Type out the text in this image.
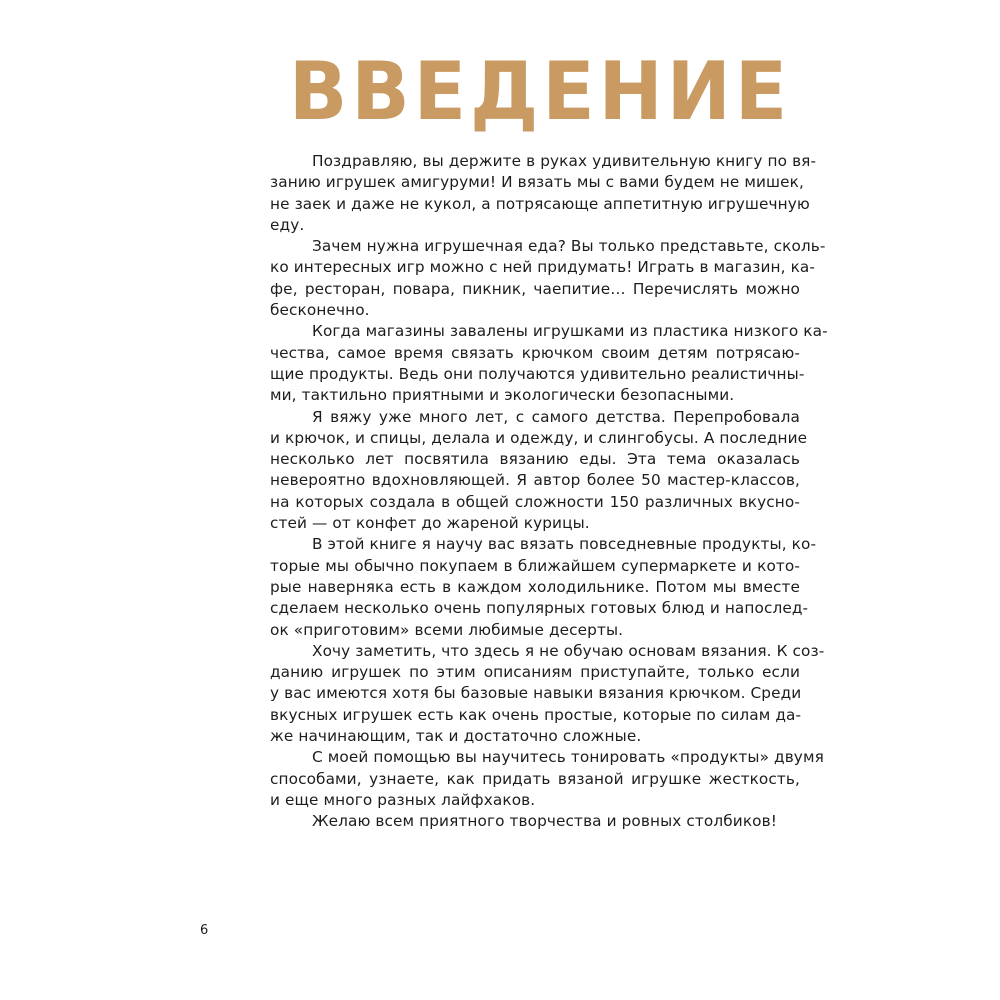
ВВЕДЕНИЕ
Поздравляю, вы держите в руках удивительную книгу по вя-
занию игрушек амигуруми! И вязать мы с вами будем не мишек,
не заек и даже не кукол, а потрясающе аппетитную игрушечную
еду.
Зачем нужна игрушечная еда? Вы только представьте, сколь-
ко интересных игр можно с ней придумать! Играть в магазин, ка-
фе, ресторан, повара, пикник, чаепитие… Перечислять можно
бесконечно.
Когда магазины завалены игрушками из пластика низкого ка-
чества, самое время связать крючком своим детям потрясаю-
щие продукты. Ведь они получаются удивительно реалистичны-
ми, тактильно приятными и экологически безопасными.
Я вяжу уже много лет, с самого детства. Перепробовала
и крючок, и спицы, делала и одежду, и слингобусы. А последние
несколько лет посвятила вязанию еды. Эта тема оказалась
невероятно вдохновляющей. Я автор более 50 мастер-классов,
на которых создала в общей сложности 150 различных вкусно-
стей — от конфет до жареной курицы.
В этой книге я научу вас вязать повседневные продукты, ко-
торые мы обычно покупаем в ближайшем супермаркете и кото-
рые наверняка есть в каждом холодильнике. Потом мы вместе
сделаем несколько очень популярных готовых блюд и напослед-
ок «приготовим» всеми любимые десерты.
Хочу заметить, что здесь я не обучаю основам вязания. К соз-
данию игрушек по этим описаниям приступайте, только если
у вас имеются хотя бы базовые навыки вязания крючком. Среди
вкусных игрушек есть как очень простые, которые по силам да-
же начинающим, так и достаточно сложные.
С моей помощью вы научитесь тонировать «продукты» двумя
способами, узнаете, как придать вязаной игрушке жесткость,
и еще много разных лайфхаков.
Желаю всем приятного творчества и ровных столбиков!
6
